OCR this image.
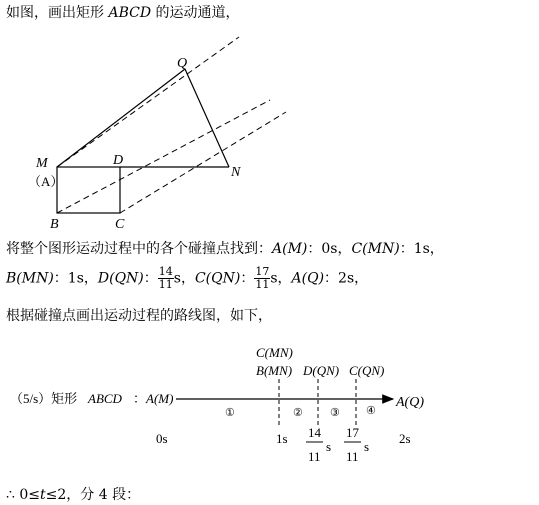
如图，画出矩形 ABCD 的运动通道，
Q
M
（A）
D
N
B	C
将整个图形运动过程中的各个碰撞点找到：A(M)：0s，C(MN)：1s，
B(MN)：1s，D(QN)： $\frac{14}{11}$ s，C(QN)： $\frac{17}{11}$ s，A(Q)：2s，
根据碰撞点画出运动过程的路线图，如下，
C(MN)
B(MN) D(QN) C(QN)
（5/s）矩形 ABCD ： A(M)	A(Q)
①	② ③ ④
0s	1s 14
11
s
17
11
s
2s
∴ 0≤t≤2，分 4 段：
